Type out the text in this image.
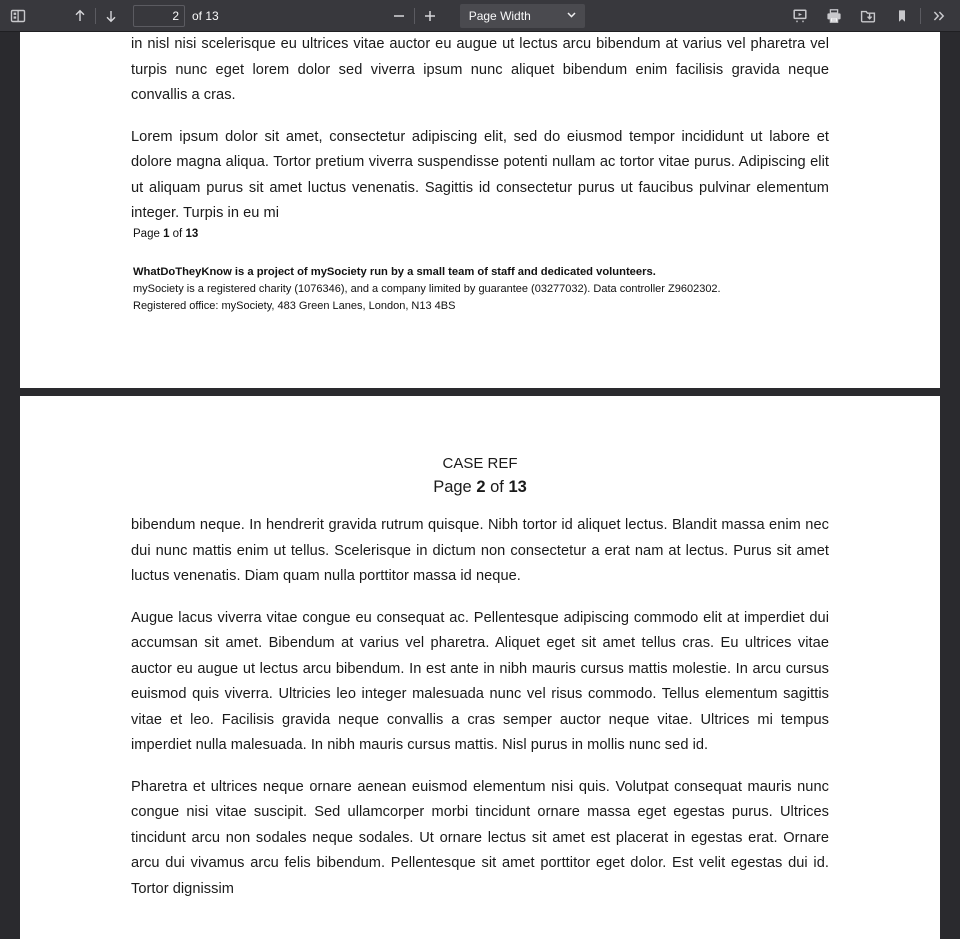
2
of 13	Page Width

in nisl nisi scelerisque eu ultrices vitae auctor eu augue ut lectus arcu bibendum at varius vel pharetra vel turpis nunc eget lorem dolor sed viverra ipsum nunc aliquet bibendum enim facilisis gravida neque convallis a cras.

Lorem ipsum dolor sit amet, consectetur adipiscing elit, sed do eiusmod tempor incididunt ut labore et dolore magna aliqua. Tortor pretium viverra suspendisse potenti nullam ac tortor vitae purus. Adipiscing elit ut aliquam purus sit amet luctus venenatis. Sagittis id consectetur purus ut faucibus pulvinar elementum integer. Turpis in eu mi

Page 1 of 13

WhatDoTheyKnow is a project of mySociety run by a small team of staff and dedicated volunteers.

mySociety is a registered charity (1076346), and a company limited by guarantee (03277032). Data controller Z9602302.

Registered office: mySociety, 483 Green Lanes, London, N13 4BS

CASE REF
Page 2 of 13

bibendum neque. In hendrerit gravida rutrum quisque. Nibh tortor id aliquet lectus. Blandit massa enim nec dui nunc mattis enim ut tellus. Scelerisque in dictum non consectetur a erat nam at lectus. Purus sit amet luctus venenatis. Diam quam nulla porttitor massa id neque.

Augue lacus viverra vitae congue eu consequat ac. Pellentesque adipiscing commodo elit at imperdiet dui accumsan sit amet. Bibendum at varius vel pharetra. Aliquet eget sit amet tellus cras. Eu ultrices vitae auctor eu augue ut lectus arcu bibendum. In est ante in nibh mauris cursus mattis molestie. In arcu cursus euismod quis viverra. Ultricies leo integer malesuada nunc vel risus commodo. Tellus elementum sagittis vitae et leo. Facilisis gravida neque convallis a cras semper auctor neque vitae. Ultrices mi tempus imperdiet nulla malesuada. In nibh mauris cursus mattis. Nisl purus in mollis nunc sed id.

Pharetra et ultrices neque ornare aenean euismod elementum nisi quis. Volutpat consequat mauris nunc congue nisi vitae suscipit. Sed ullamcorper morbi tincidunt ornare massa eget egestas purus. Ultrices tincidunt arcu non sodales neque sodales. Ut ornare lectus sit amet est placerat in egestas erat. Ornare arcu dui vivamus arcu felis bibendum. Pellentesque sit amet porttitor eget dolor. Est velit egestas dui id. Tortor dignissim
